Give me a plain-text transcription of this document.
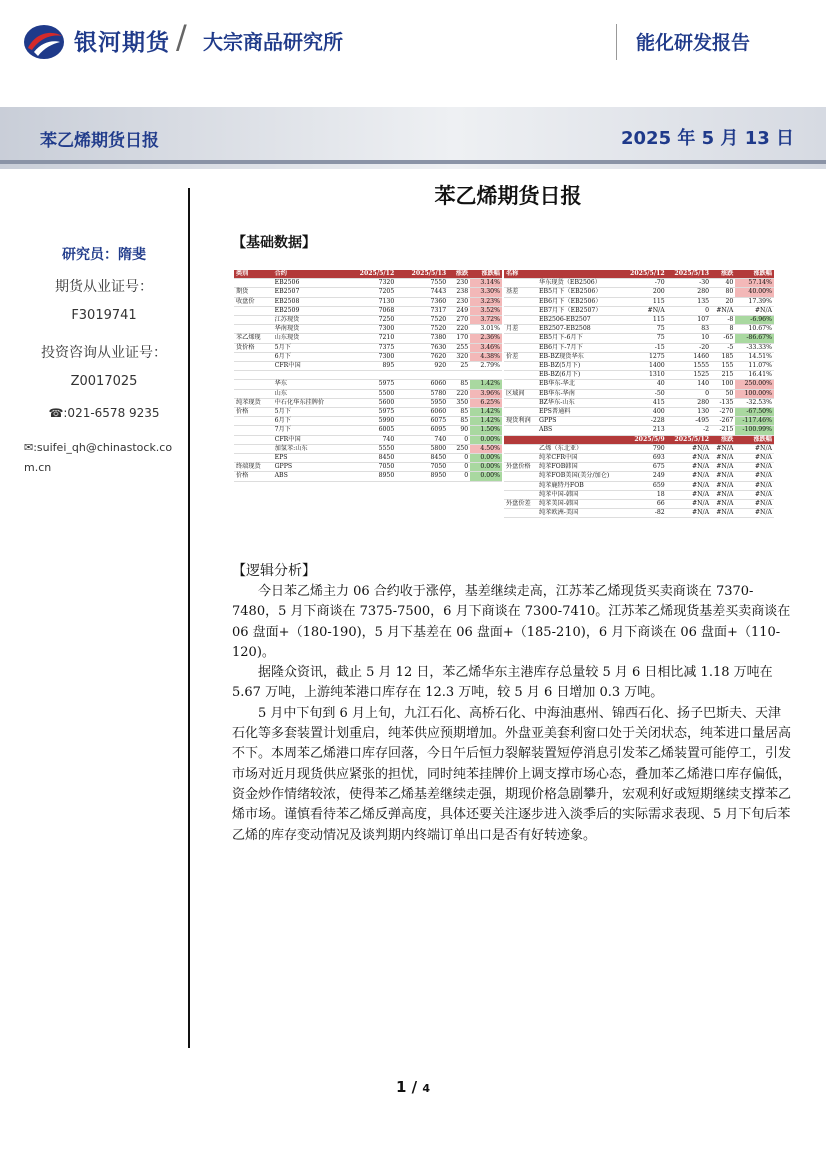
银河期货 / 大宗商品研究所	能化研发报告
苯乙烯期货日报	2025 年 5 月 13 日
研究员：隋斐
期货从业证号：
F3019741
投资咨询从业证号：
Z0017025
☎:021-6578 9235
✉:suifei_qh@chinastock.com.cn
苯乙烯期货日报
【基础数据】
类别	合约	2025/5/12	2025/5/13	涨跌	涨跌幅
	EB2506	7320	7550	230	3.14%
期货	EB2507	7205	7443	238	3.30%
收盘价	EB2508	7130	7360	230	3.23%
	EB2509	7068	7317	249	3.52%
	江苏现货	7250	7520	270	3.72%
	华南现货	7300	7520	220	3.01%
苯乙烯现	山东现货	7210	7380	170	2.36%
货价格	5月下	7375	7630	255	3.46%
	6月下	7300	7620	320	4.38%
	CFR中国	895	920	25	2.79%

	华东	5975	6060	85	1.42%
	山东	5500	5780	220	3.96%
纯苯现货	中石化华东挂牌价	5600	5950	350	6.25%
价格	5月下	5975	6060	85	1.42%
	6月下	5990	6075	85	1.42%
	7月下	6005	6095	90	1.50%
	CFR中国	740	740	0	0.00%
	加氢苯:山东	5550	5800	250	4.50%
	EPS	8450	8450	0	0.00%
终端现货	GPPS	7050	7050	0	0.00%
价格	ABS	8950	8950	0	0.00%
名称		2025/5/12	2025/5/13	涨跌	涨跌幅
	华东现货（EB2506）	-70	-30	40	57.14%
基差	EB5月下（EB2506）	200	280	80	40.00%
	EB6月下（EB2506）	115	135	20	17.39%
	EB7月下（EB2507）	#N/A	0	#N/A	#N/A
	EB2506-EB2507	115	107	-8	-6.96%
月差	EB2507-EB2508	75	83	8	10.67%
	EB5月下-6月下	75	10	-65	-86.67%
	EB6月下-7月下	-15	-20	-5	-33.33%
价差	EB-BZ现货华东	1275	1460	185	14.51%
	EB-BZ(5月下)	1400	1555	155	11.07%
	EB-BZ(6月下)	1310	1525	215	16.41%
	EB华东-华北	40	140	100	250.00%
区域间	EB华东-华南	-50	0	50	100.00%
	BZ华东-山东	415	280	-135	-32.53%
	EPS普通料	400	130	-270	-67.50%
现货利润	GPPS	-228	-495	-267	-117.46%
	ABS	213	-2	-215	-100.99%
		2025/5/9	2025/5/12	涨跌	涨跌幅
	乙烯（东北亚）	790	#N/A	#N/A	#N/A
	纯苯CFR中国	693	#N/A	#N/A	#N/A
外盘价格	纯苯FOB韩国	675	#N/A	#N/A	#N/A
	纯苯FOB美国(美分/加仑)	249	#N/A	#N/A	#N/A
	纯苯鹿特丹FOB	659	#N/A	#N/A	#N/A
	纯苯中国-韩国	18	#N/A	#N/A	#N/A
外盘价差	纯苯美国-韩国	66	#N/A	#N/A	#N/A
	纯苯欧洲-美国	-82	#N/A	#N/A	#N/A
【逻辑分析】

今日苯乙烯主力 06 合约收于涨停，基差继续走高，江苏苯乙烯现货买卖商谈在 7370-7480，5 月下商谈在 7375-7500，6 月下商谈在 7300-7410。江苏苯乙烯现货基差买卖商谈在 06 盘面+（180-190)，5 月下基差在 06 盘面+（185-210)，6 月下商谈在 06 盘面+（110-120)。

据隆众资讯，截止 5 月 12 日，苯乙烯华东主港库存总量较 5 月 6 日相比减 1.18 万吨在 5.67 万吨，上游纯苯港口库存在 12.3 万吨，较 5 月 6 日增加 0.3 万吨。

5 月中下旬到 6 月上旬，九江石化、高桥石化、中海油惠州、锦西石化、扬子巴斯夫、天津石化等多套装置计划重启，纯苯供应预期增加。外盘亚美套利窗口处于关闭状态，纯苯进口量居高不下。本周苯乙烯港口库存回落，今日午后恒力裂解装置短停消息引发苯乙烯装置可能停工，引发市场对近月现货供应紧张的担忧，同时纯苯挂牌价上调支撑市场心态，叠加苯乙烯港口库存偏低，资金炒作情绪较浓，使得苯乙烯基差继续走强，期现价格急剧攀升，宏观利好或短期继续支撑苯乙烯市场。谨慎看待苯乙烯反弹高度，具体还要关注逐步进入淡季后的实际需求表现、5 月下旬后苯乙烯的库存变动情况及谈判期内终端订单出口是否有好转迹象。

1 / 4
